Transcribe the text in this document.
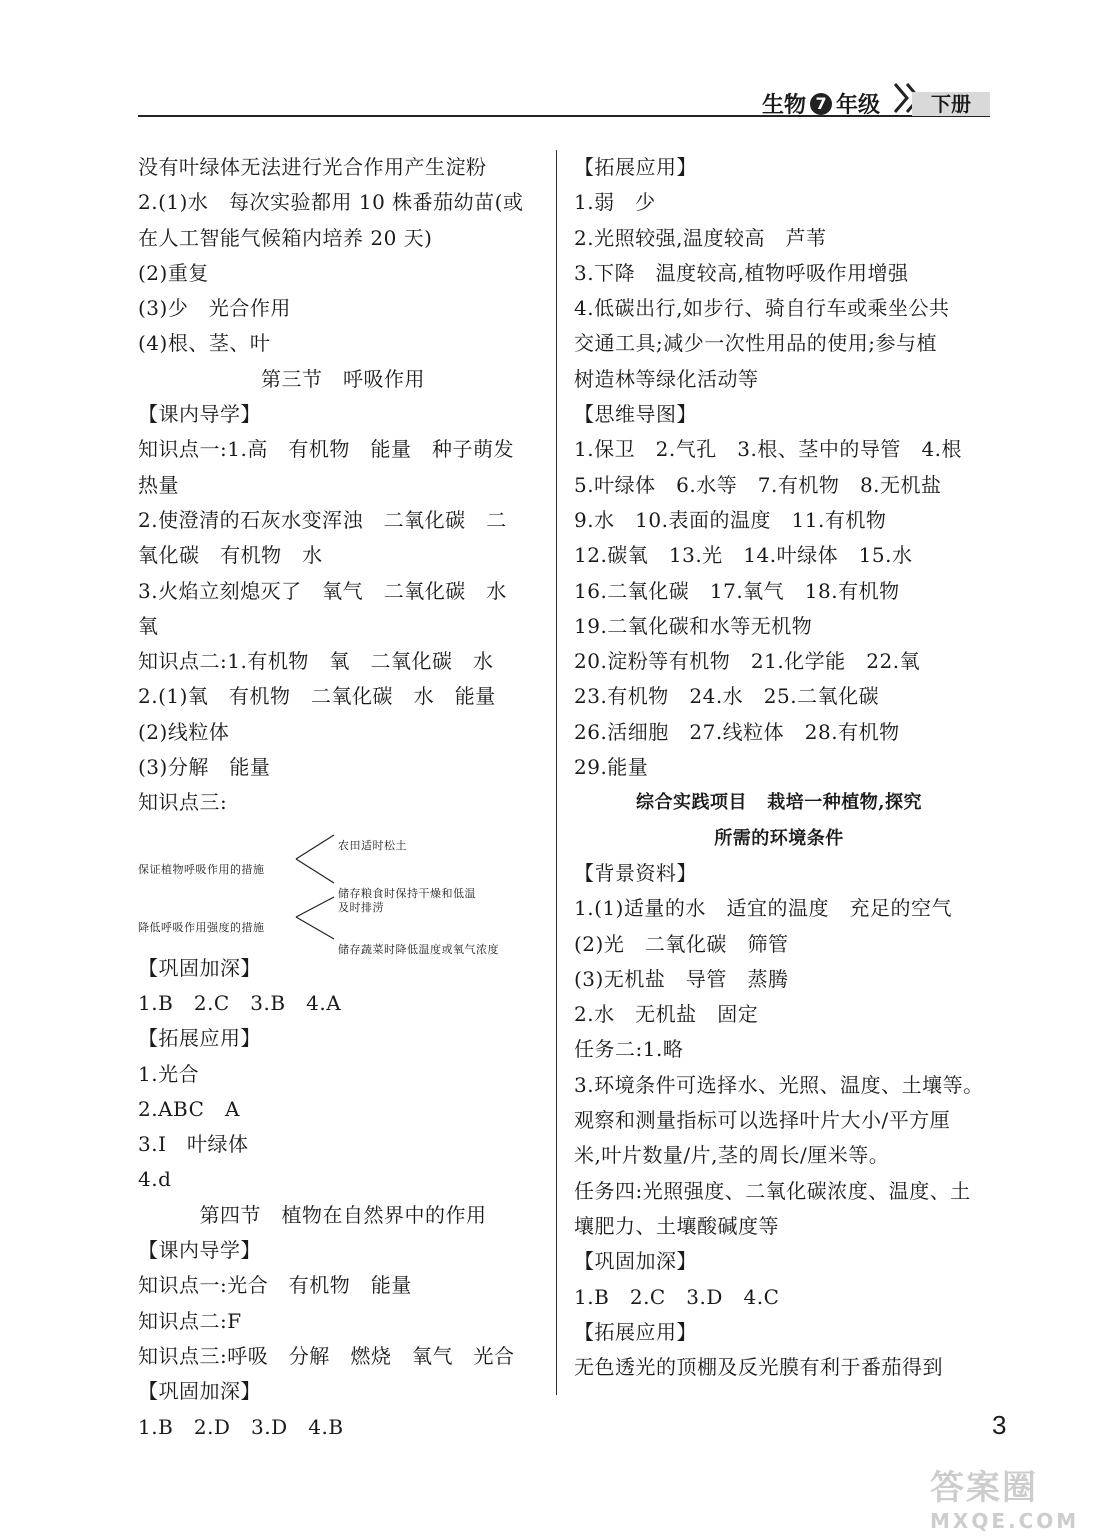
生物 7 年级	下册
没有叶绿体无法进行光合作用产生淀粉
2.(1)水   每次实验都用 10 株番茄幼苗(或
在人工智能气候箱内培养 20 天)
(2)重复
(3)少   光合作用
(4)根、茎、叶
第三节   呼吸作用
【课内导学】
知识点一:1.高   有机物   能量   种子萌发
热量
2.使澄清的石灰水变浑浊   二氧化碳   二
氧化碳   有机物   水
3.火焰立刻熄灭了   氧气   二氧化碳   水
氧
知识点二:1.有机物   氧   二氧化碳   水
2.(1)氧   有机物   二氧化碳   水   能量
(2)线粒体
(3)分解   能量
知识点三:
保证植物呼吸作用的措施
降低呼吸作用强度的措施
农田适时松土
储存粮食时保持干燥和低温
及时排涝
储存蔬菜时降低温度或氧气浓度
【巩固加深】
1.B   2.C   3.B   4.A
【拓展应用】
1.光合
2.ABC   A
3.Ⅰ   叶绿体
4.d
第四节   植物在自然界中的作用
【课内导学】
知识点一:光合   有机物   能量
知识点二:F
知识点三:呼吸   分解   燃烧   氧气   光合
【巩固加深】
1.B   2.D   3.D   4.B
【拓展应用】
1.弱   少
2.光照较强,温度较高   芦苇
3.下降   温度较高,植物呼吸作用增强
4.低碳出行,如步行、骑自行车或乘坐公共
交通工具;减少一次性用品的使用;参与植
树造林等绿化活动等
【思维导图】
1.保卫   2.气孔   3.根、茎中的导管   4.根
5.叶绿体   6.水等   7.有机物   8.无机盐
9.水   10.表面的温度   11.有机物
12.碳氧   13.光   14.叶绿体   15.水
16.二氧化碳   17.氧气   18.有机物
19.二氧化碳和水等无机物
20.淀粉等有机物   21.化学能   22.氧
23.有机物   24.水   25.二氧化碳
26.活细胞   27.线粒体   28.有机物
29.能量
综合实践项目   栽培一种植物,探究
所需的环境条件
【背景资料】
1.(1)适量的水   适宜的温度   充足的空气
(2)光   二氧化碳   筛管
(3)无机盐   导管   蒸腾
2.水   无机盐   固定
任务二:1.略
3.环境条件可选择水、光照、温度、土壤等。
观察和测量指标可以选择叶片大小/平方厘
米,叶片数量/片,茎的周长/厘米等。
任务四:光照强度、二氧化碳浓度、温度、土
壤肥力、土壤酸碱度等
【巩固加深】
1.B   2.C   3.D   4.C
【拓展应用】
无色透光的顶棚及反光膜有利于番茄得到
3
答案圈
MXQE.COM
